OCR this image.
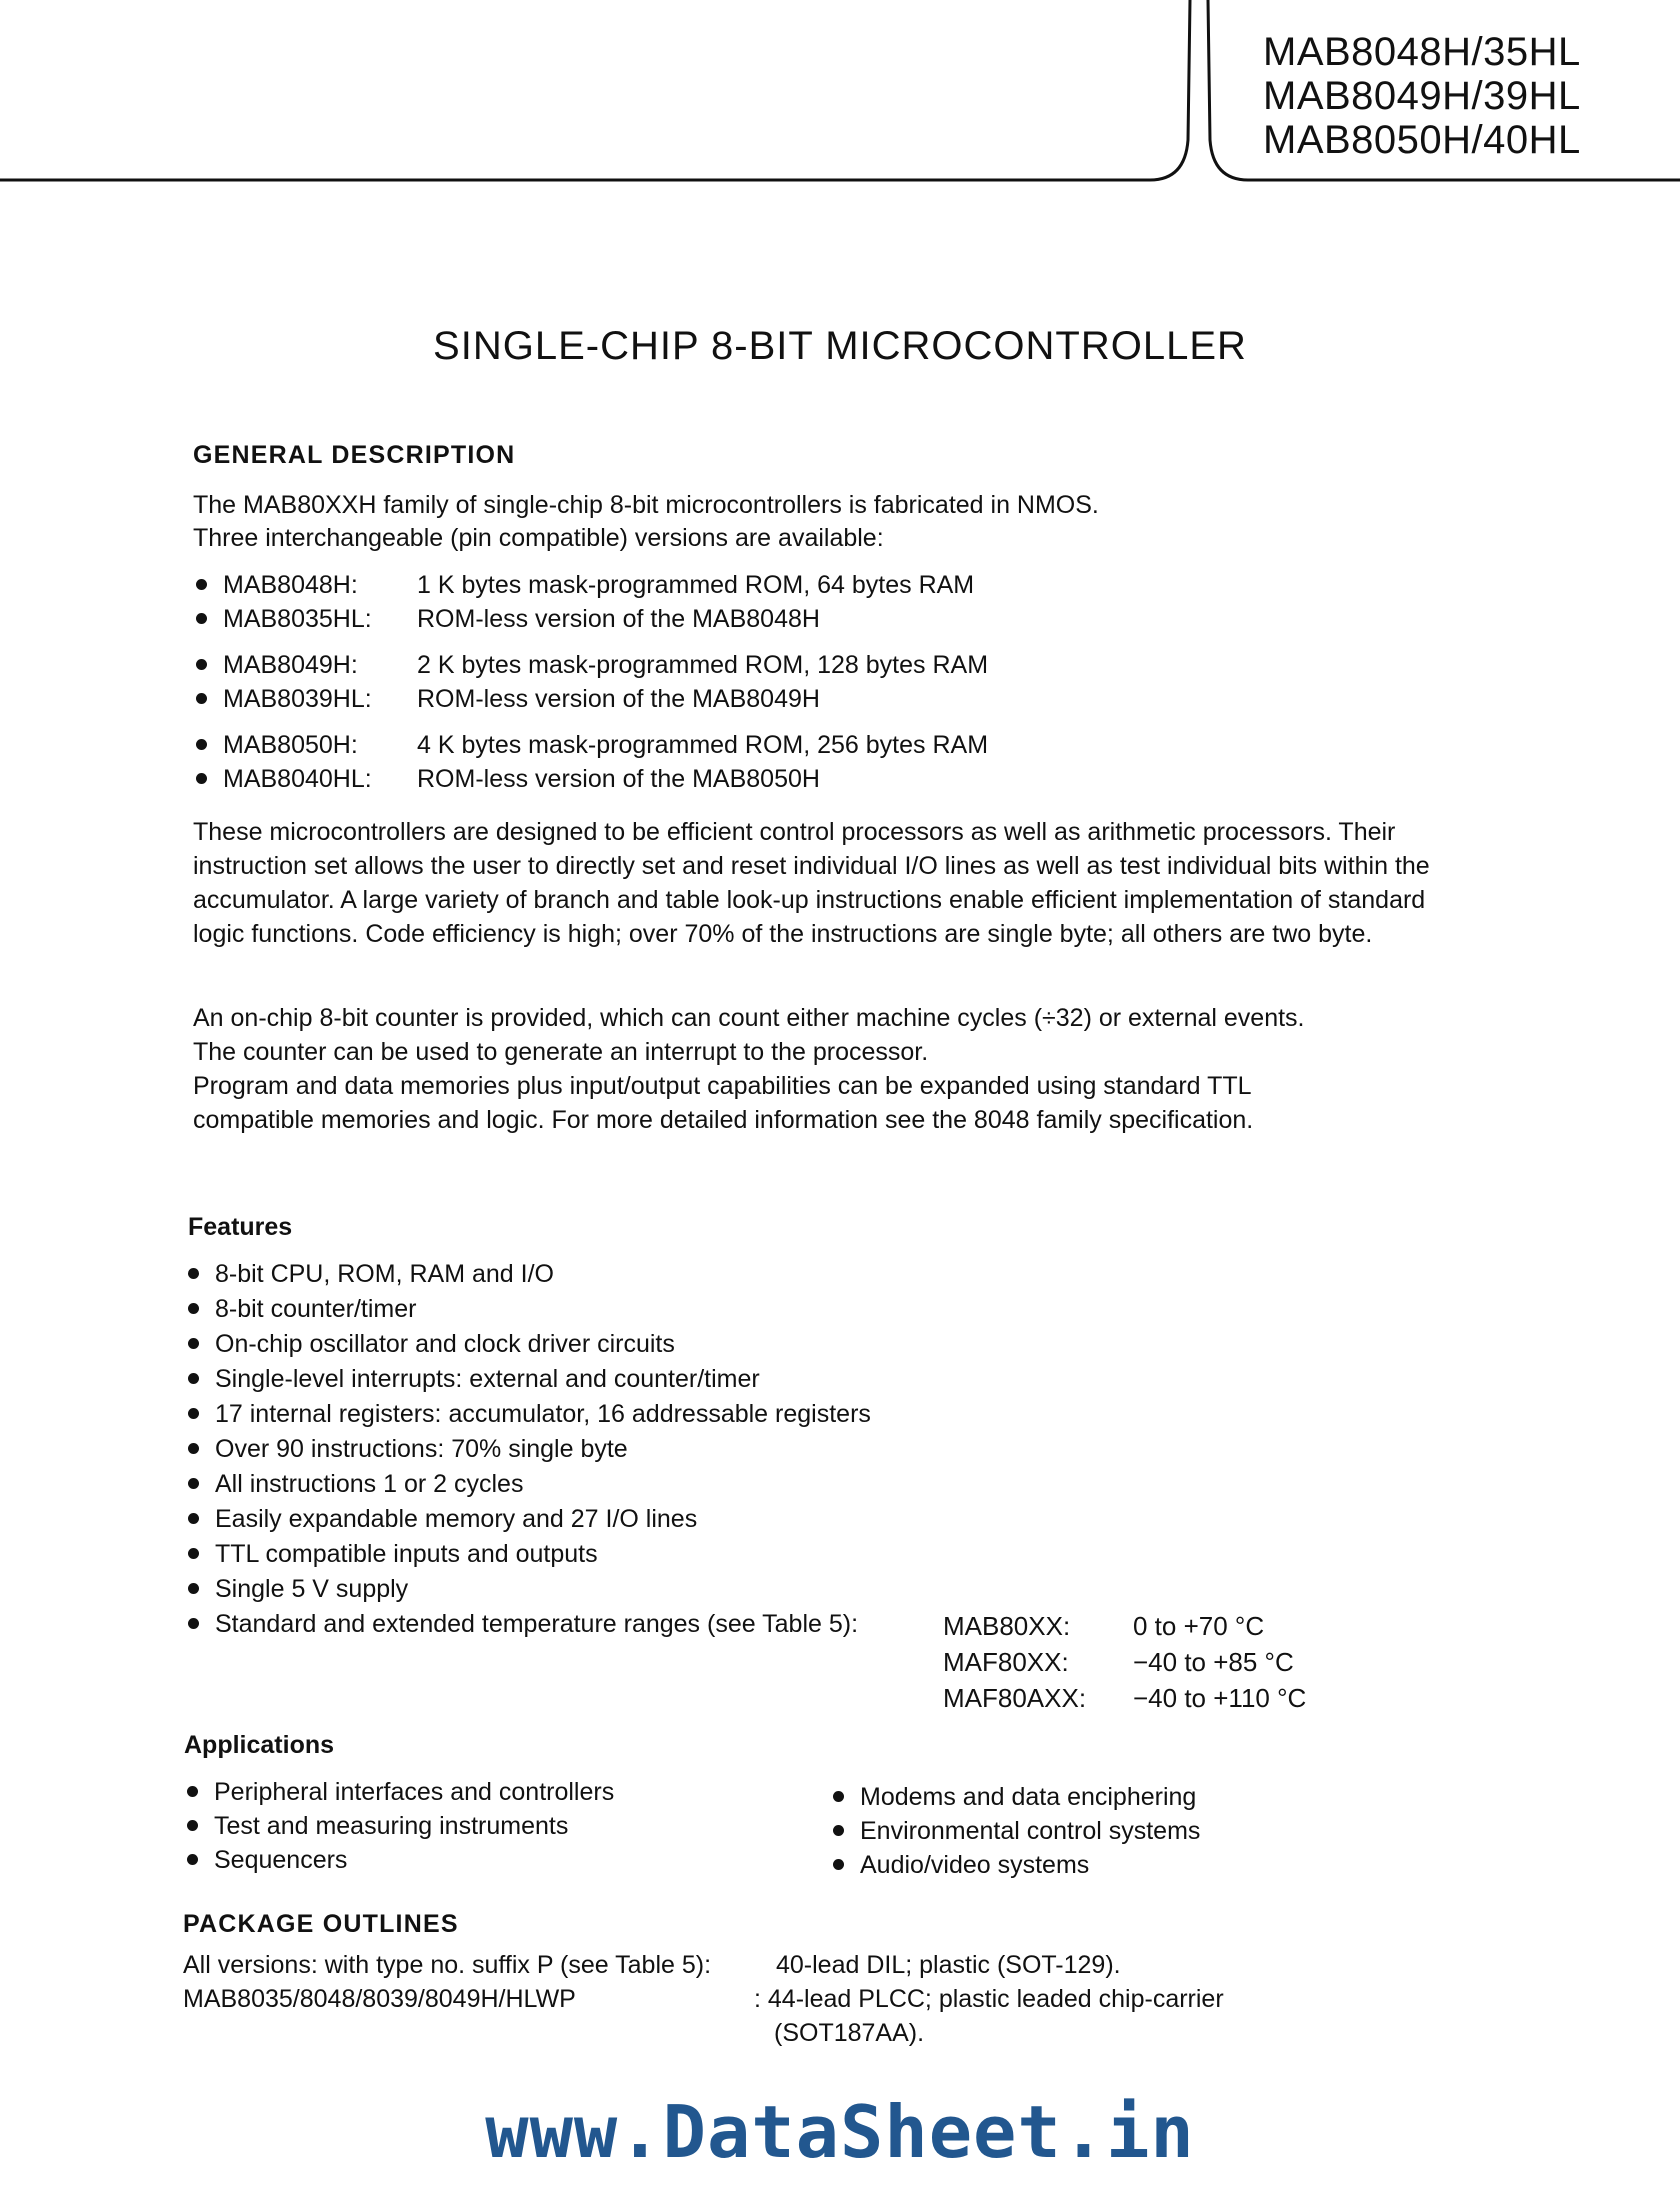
MAB8048H/35HL
MAB8049H/39HL
MAB8050H/40HL
SINGLE-CHIP 8-BIT MICROCONTROLLER
GENERAL DESCRIPTION
The MAB80XXH family of single-chip 8-bit microcontrollers is fabricated in NMOS.
Three interchangeable (pin compatible) versions are available:
MAB8048H: 1 K bytes mask-programmed ROM, 64 bytes RAM
MAB8035HL: ROM-less version of the MAB8048H
MAB8049H: 2 K bytes mask-programmed ROM, 128 bytes RAM
MAB8039HL: ROM-less version of the MAB8049H
MAB8050H: 4 K bytes mask-programmed ROM, 256 bytes RAM
MAB8040HL: ROM-less version of the MAB8050H
These microcontrollers are designed to be efficient control processors as well as arithmetic processors. Their instruction set allows the user to directly set and reset individual I/O lines as well as test individual bits within the accumulator. A large variety of branch and table look-up instructions enable efficient implementation of standard logic functions. Code efficiency is high; over 70% of the instructions are single byte; all others are two byte.
An on-chip 8-bit counter is provided, which can count either machine cycles (÷32) or external events.
The counter can be used to generate an interrupt to the processor.
Program and data memories plus input/output capabilities can be expanded using standard TTL
compatible memories and logic. For more detailed information see the 8048 family specification.
Features
8-bit CPU, ROM, RAM and I/O
8-bit counter/timer
On-chip oscillator and clock driver circuits
Single-level interrupts: external and counter/timer
17 internal registers: accumulator, 16 addressable registers
Over 90 instructions: 70% single byte
All instructions 1 or 2 cycles
Easily expandable memory and 27 I/O lines
TTL compatible inputs and outputs
Single 5 V supply
Standard and extended temperature ranges (see Table 5):	MAB80XX: 0 to +70 °C
MAF80XX: −40 to +85 °C
MAF80AXX: −40 to +110 °C
Applications
Peripheral interfaces and controllers
Test and measuring instruments
Sequencers
Modems and data enciphering
Environmental control systems
Audio/video systems
PACKAGE OUTLINES
All versions: with type no. suffix P (see Table 5):	40-lead DIL; plastic (SOT-129).
MAB8035/8048/8039/8049H/HLWP	: 44-lead PLCC; plastic leaded chip-carrier
(SOT187AA).
www.DataSheet.in
